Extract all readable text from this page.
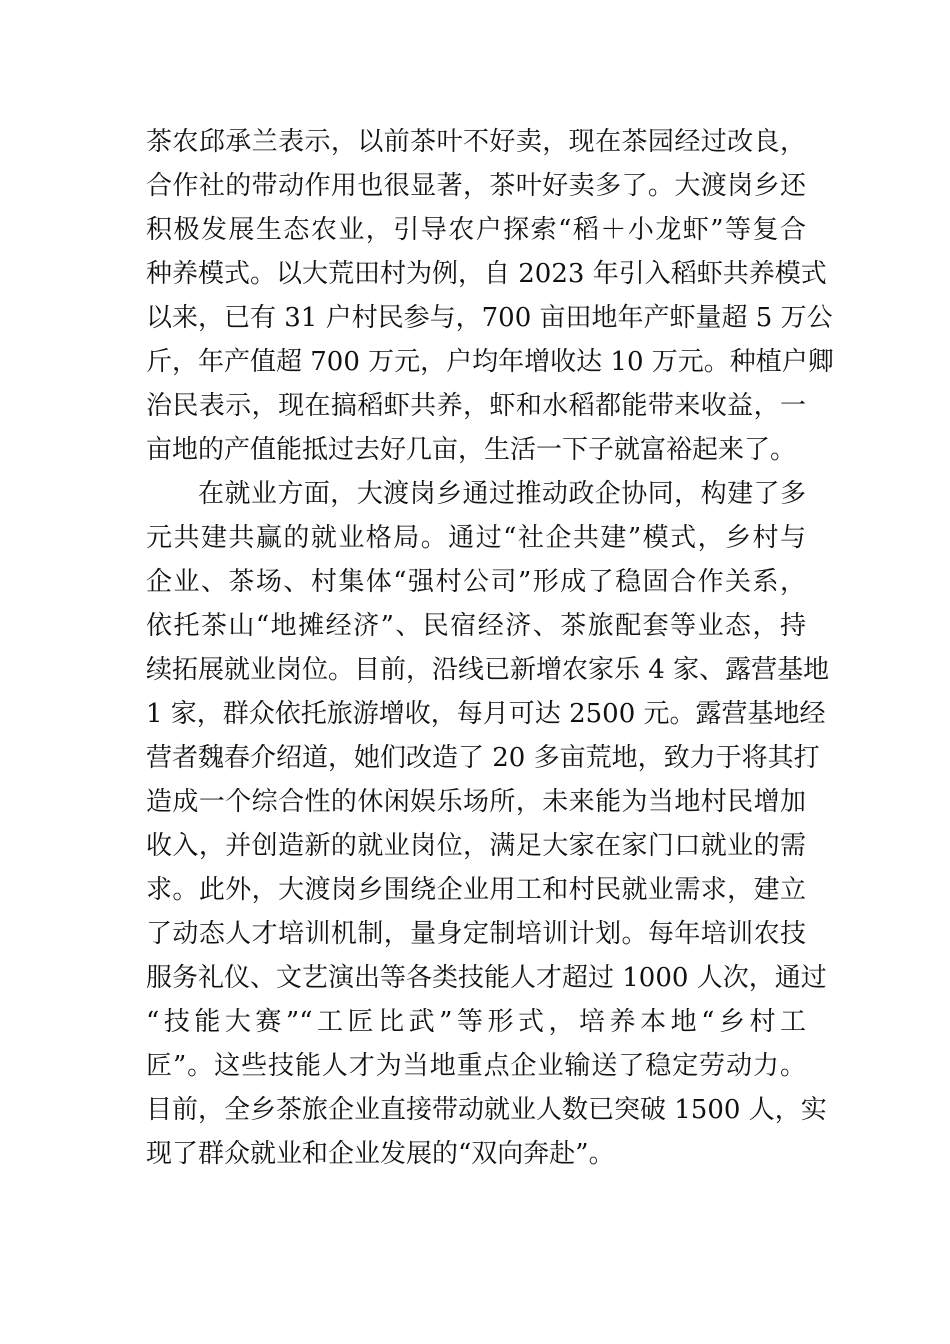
茶农邱承兰表示，以前茶叶不好卖，现在茶园经过改良，
合作社的带动作用也很显著，茶叶好卖多了。大渡岗乡还
积极发展生态农业，引导农户探索“稻＋小龙虾”等复合
种养模式。以大荒田村为例，自 2023 年引入稻虾共养模式
以来，已有 31 户村民参与，700 亩田地年产虾量超 5 万公
斤，年产值超 700 万元，户均年增收达 10 万元。种植户卿
治民表示，现在搞稻虾共养，虾和水稻都能带来收益，一
亩地的产值能抵过去好几亩，生活一下子就富裕起来了。
在就业方面，大渡岗乡通过推动政企协同，构建了多
元共建共赢的就业格局。通过“社企共建”模式，乡村与
企业、茶场、村集体“强村公司”形成了稳固合作关系，
依托茶山“地摊经济”、民宿经济、茶旅配套等业态，持
续拓展就业岗位。目前，沿线已新增农家乐 4 家、露营基地
1 家，群众依托旅游增收，每月可达 2500 元。露营基地经
营者魏春介绍道，她们改造了 20 多亩荒地，致力于将其打
造成一个综合性的休闲娱乐场所，未来能为当地村民增加
收入，并创造新的就业岗位，满足大家在家门口就业的需
求。此外，大渡岗乡围绕企业用工和村民就业需求，建立
了动态人才培训机制，量身定制培训计划。每年培训农技
服务礼仪、文艺演出等各类技能人才超过 1000 人次，通过
“技能大赛”“工匠比武”等形式，培养本地“乡村工
匠”。这些技能人才为当地重点企业输送了稳定劳动力。
目前，全乡茶旅企业直接带动就业人数已突破 1500 人，实
现了群众就业和企业发展的“双向奔赴”。
